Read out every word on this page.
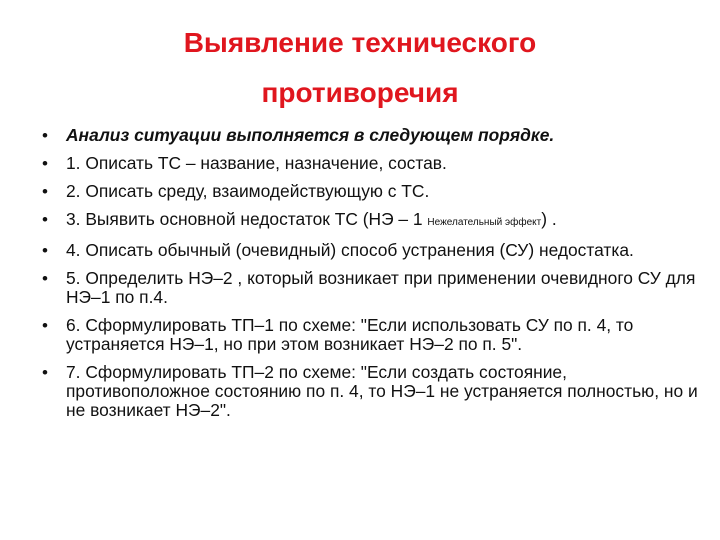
Выявление технического
противоречия
• Анализ ситуации выполняется в следующем порядке.
• 1. Описать ТС – название, назначение, состав.
• 2. Описать среду, взаимодействующую с ТС.
• 3. Выявить основной недостаток ТС (НЭ – 1 Нежелательный эффект) .
• 4. Описать обычный (очевидный) способ устранения (СУ) недостатка.
• 5. Определить НЭ–2 , который возникает при применении очевидного СУ для НЭ–1 по п.4.
• 6. Сформулировать ТП–1 по схеме: "Если использовать СУ по п. 4, то устраняется НЭ–1, но при этом возникает НЭ–2 по п. 5".
• 7. Сформулировать ТП–2 по схеме: "Если создать состояние, противоположное состоянию по п. 4, то НЭ–1 не устраняется полностью, но и не возникает НЭ–2".
